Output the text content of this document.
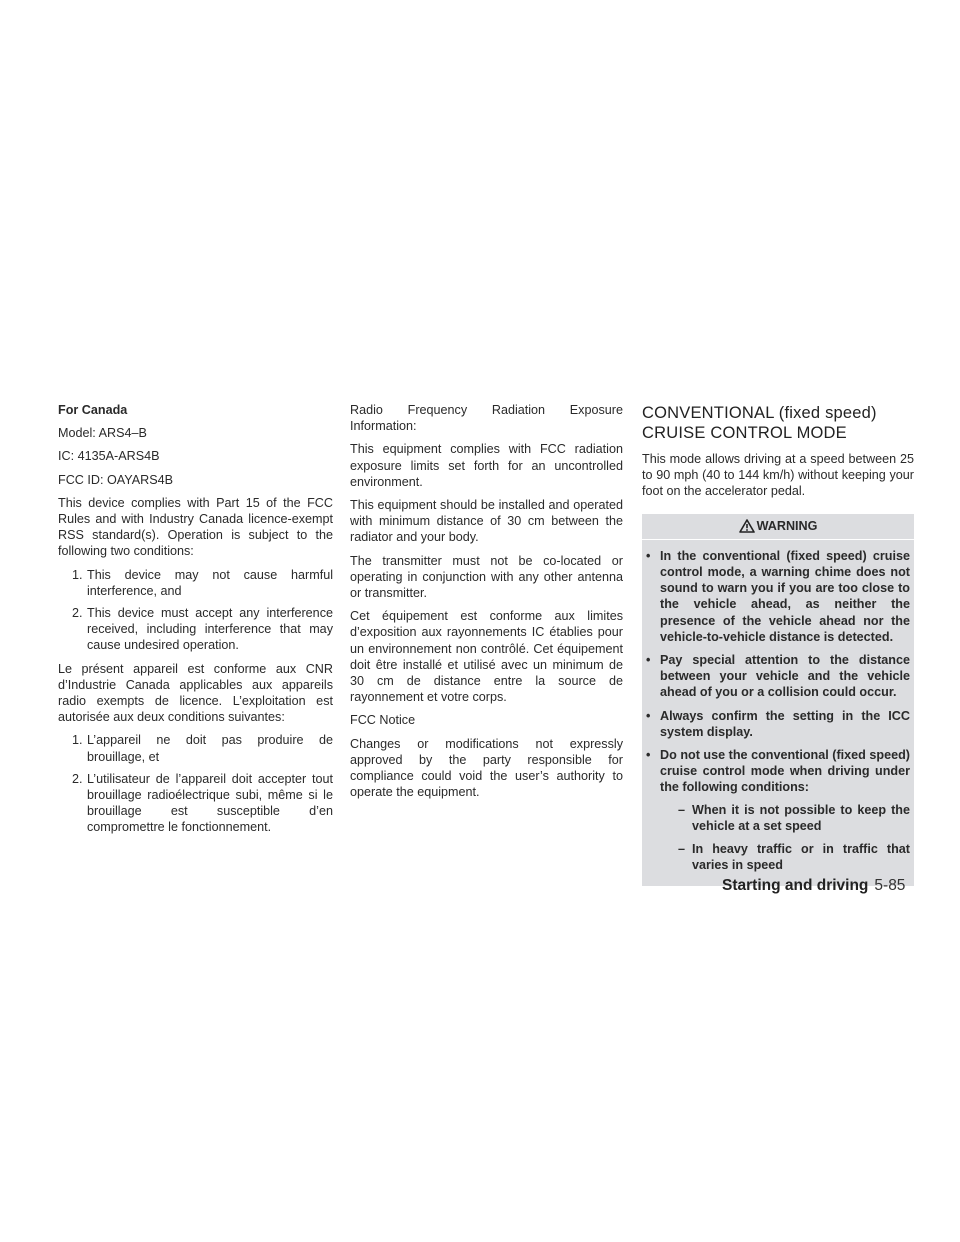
For Canada

Model: ARS4–B

IC: 4135A-ARS4B

FCC ID: OAYARS4B

This device complies with Part 15 of the FCC Rules and with Industry Canada licence-exempt RSS standard(s). Operation is subject to the following two conditions:

1. This device may not cause harmful interference, and
2. This device must accept any interference received, including interference that may cause undesired operation.

Le présent appareil est conforme aux CNR d’Industrie Canada applicables aux appareils radio exempts de licence. L’exploitation est autorisée aux deux conditions suivantes:

1. L’appareil ne doit pas produire de brouillage, et
2. L’utilisateur de l’appareil doit accepter tout brouillage radioélectrique subi, même si le brouillage est susceptible d’en compromettre le fonctionnement.

Radio Frequency Radiation Exposure Information:

This equipment complies with FCC radiation exposure limits set forth for an uncontrolled environment.

This equipment should be installed and operated with minimum distance of 30 cm between the radiator and your body.

The transmitter must not be co-located or operating in conjunction with any other antenna or transmitter.

Cet équipement est conforme aux limites d’exposition aux rayonnements IC établies pour un environnement non contrôlé. Cet équipement doit être installé et utilisé avec un minimum de 30 cm de distance entre la source de rayonnement et votre corps.

FCC Notice

Changes or modifications not expressly approved by the party responsible for compliance could void the user’s authority to operate the equipment.

CONVENTIONAL (fixed speed)
CRUISE CONTROL MODE

This mode allows driving at a speed between 25 to 90 mph (40 to 144 km/h) without keeping your foot on the accelerator pedal.

WARNING
• In the conventional (fixed speed) cruise control mode, a warning chime does not sound to warn you if you are too close to the vehicle ahead, as neither the presence of the vehicle ahead nor the vehicle-to-vehicle distance is detected.
• Pay special attention to the distance between your vehicle and the vehicle ahead of you or a collision could occur.
• Always confirm the setting in the ICC system display.
• Do not use the conventional (fixed speed) cruise control mode when driving under the following conditions:
– When it is not possible to keep the vehicle at a set speed
– In heavy traffic or in traffic that varies in speed
Starting and driving 5-85
